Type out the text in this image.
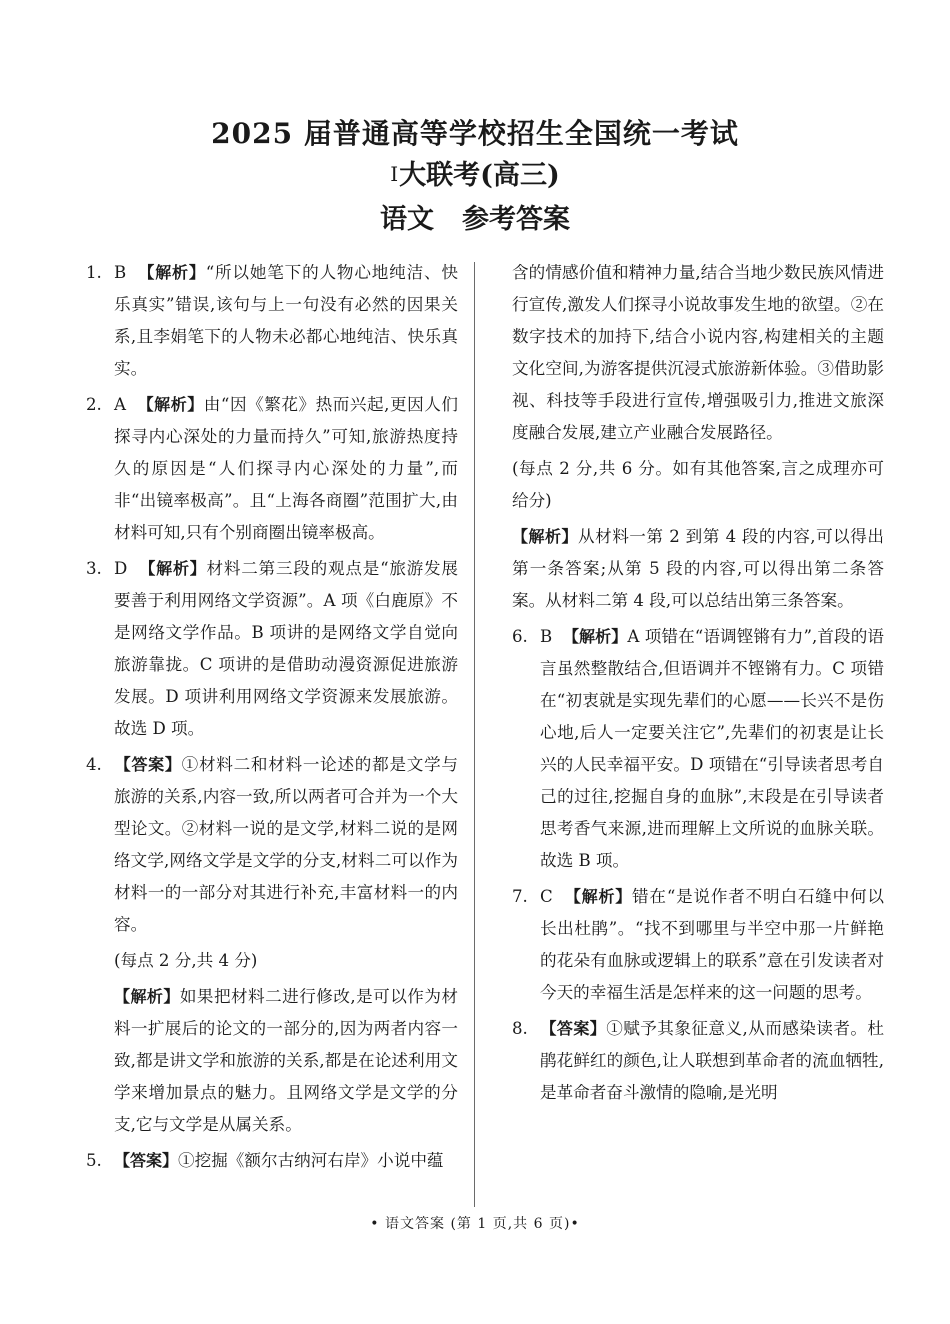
2025 届普通高等学校招生全国统一考试
I大联考(高三)
语文 参考答案

1. B 【解析】“所以她笔下的人物心地纯洁、快乐真实”错误,该句与上一句没有必然的因果关系,且李娟笔下的人物未必都心地纯洁、快乐真实。

2. A 【解析】由“因《繁花》热而兴起,更因人们探寻内心深处的力量而持久”可知,旅游热度持久的原因是“人们探寻内心深处的力量”,而非“出镜率极高”。且“上海各商圈”范围扩大,由材料可知,只有个别商圈出镜率极高。

3. D 【解析】材料二第三段的观点是“旅游发展要善于利用网络文学资源”。A 项《白鹿原》不是网络文学作品。B 项讲的是网络文学自觉向旅游靠拢。C 项讲的是借助动漫资源促进旅游发展。D 项讲利用网络文学资源来发展旅游。故选 D 项。

4. 【答案】①材料二和材料一论述的都是文学与旅游的关系,内容一致,所以两者可合并为一个大型论文。②材料一说的是文学,材料二说的是网络文学,网络文学是文学的分支,材料二可以作为材料一的一部分对其进行补充,丰富材料一的内容。

(每点 2 分,共 4 分)

【解析】如果把材料二进行修改,是可以作为材料一扩展后的论文的一部分的,因为两者内容一致,都是讲文学和旅游的关系,都是在论述利用文学来增加景点的魅力。且网络文学是文学的分支,它与文学是从属关系。

5. 【答案】①挖掘《额尔古纳河右岸》小说中蕴

含的情感价值和精神力量,结合当地少数民族风情进行宣传,激发人们探寻小说故事发生地的欲望。②在数字技术的加持下,结合小说内容,构建相关的主题文化空间,为游客提供沉浸式旅游新体验。③借助影视、科技等手段进行宣传,增强吸引力,推进文旅深度融合发展,建立产业融合发展路径。

(每点 2 分,共 6 分。如有其他答案,言之成理亦可给分)

【解析】从材料一第 2 到第 4 段的内容,可以得出第一条答案;从第 5 段的内容,可以得出第二条答案。从材料二第 4 段,可以总结出第三条答案。

6. B 【解析】A 项错在“语调铿锵有力”,首段的语言虽然整散结合,但语调并不铿锵有力。C 项错在“初衷就是实现先辈们的心愿——长兴不是伤心地,后人一定要关注它”,先辈们的初衷是让长兴的人民幸福平安。D 项错在“引导读者思考自己的过往,挖掘自身的血脉”,末段是在引导读者思考香气来源,进而理解上文所说的血脉关联。故选 B 项。

7. C 【解析】错在“是说作者不明白石缝中何以长出杜鹃”。“找不到哪里与半空中那一片鲜艳的花朵有血脉或逻辑上的联系”意在引发读者对今天的幸福生活是怎样来的这一问题的思考。

8. 【答案】①赋予其象征意义,从而感染读者。杜鹃花鲜红的颜色,让人联想到革命者的流血牺牲,是革命者奋斗激情的隐喻,是光明

• 语文答案 (第 1 页,共 6 页)•
